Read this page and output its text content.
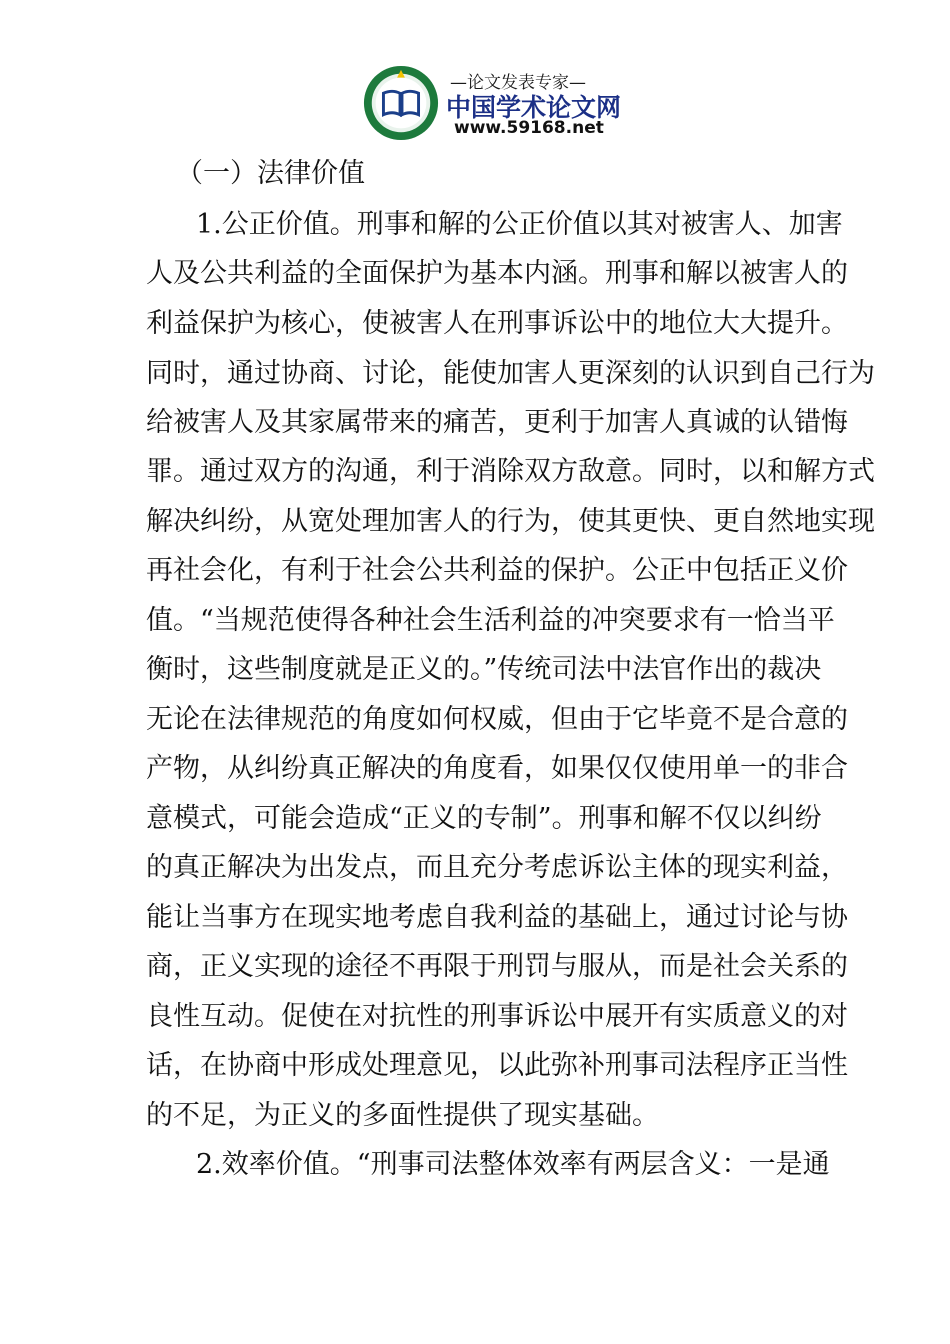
—论文发表专家—
中国学术论文网
www.59168.net
（一）法律价值
1.公正价值。刑事和解的公正价值以其对被害人、加害
人及公共利益的全面保护为基本内涵。刑事和解以被害人的
利益保护为核心，使被害人在刑事诉讼中的地位大大提升。
同时，通过协商、讨论，能使加害人更深刻的认识到自己行为
给被害人及其家属带来的痛苦，更利于加害人真诚的认错悔
罪。通过双方的沟通，利于消除双方敌意。同时，以和解方式
解决纠纷，从宽处理加害人的行为，使其更快、更自然地实现
再社会化，有利于社会公共利益的保护。公正中包括正义价
值。“当规范使得各种社会生活利益的冲突要求有一恰当平
衡时，这些制度就是正义的。”传统司法中法官作出的裁决
无论在法律规范的角度如何权威，但由于它毕竟不是合意的
产物，从纠纷真正解决的角度看，如果仅仅使用单一的非合
意模式，可能会造成“正义的专制”。刑事和解不仅以纠纷
的真正解决为出发点，而且充分考虑诉讼主体的现实利益，
能让当事方在现实地考虑自我利益的基础上，通过讨论与协
商，正义实现的途径不再限于刑罚与服从，而是社会关系的
良性互动。促使在对抗性的刑事诉讼中展开有实质意义的对
话，在协商中形成处理意见，以此弥补刑事司法程序正当性
的不足，为正义的多面性提供了现实基础。
2.效率价值。“刑事司法整体效率有两层含义：一是通
